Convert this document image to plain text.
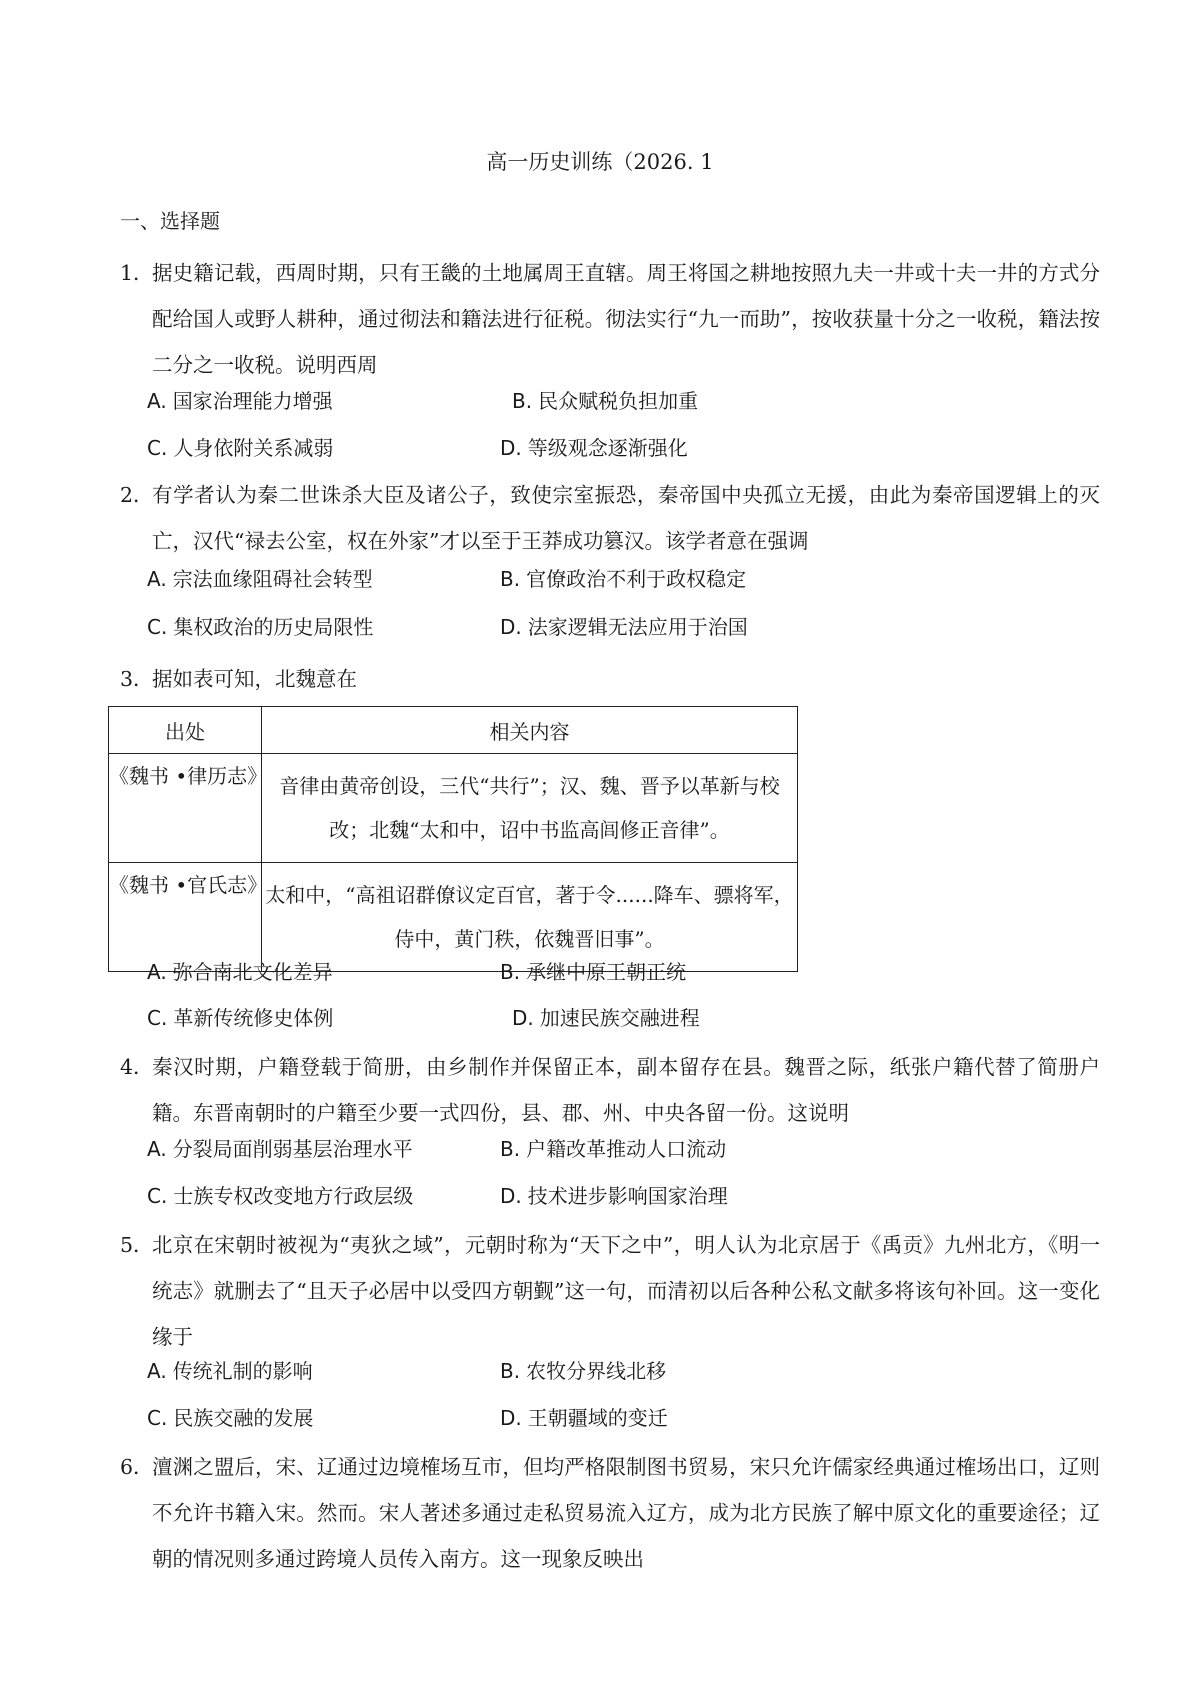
高一历史训练（2026. 1
一、选择题
1．
据史籍记载，西周时期，只有王畿的土地属周王直辖。周王将国之耕地按照九夫一井或十夫一井的方式分配给国人或野人耕种，通过彻法和籍法进行征税。彻法实行“九一而助”，按收获量十分之一收税，籍法按二分之一收税。说明西周
A. 国家治理能力增强	B. 民众赋税负担加重
C. 人身依附关系减弱	D. 等级观念逐渐强化
2．
有学者认为秦二世诛杀大臣及诸公子，致使宗室振恐，秦帝国中央孤立无援，由此为秦帝国逻辑上的灭亡，汉代“禄去公室，权在外家”才以至于王莽成功篡汉。该学者意在强调
A. 宗法血缘阻碍社会转型	B. 官僚政治不利于政权稳定
C. 集权政治的历史局限性	D. 法家逻辑无法应用于治国
3．
据如表可知，北魏意在
出处	相关内容
《魏书 •律历志》	音律由黄帝创设，三代“共行”；汉、魏、晋予以革新与校改；北魏“太和中，诏中书监高闾修正音律”。
《魏书 •官氏志》	太和中，“高祖诏群僚议定百官，著于令......降车、骠将军，侍中，黄门秩，依魏晋旧事”。
A. 弥合南北文化差异	B. 承继中原王朝正统
C. 革新传统修史体例	D. 加速民族交融进程
4．
秦汉时期，户籍登载于简册，由乡制作并保留正本，副本留存在县。魏晋之际，纸张户籍代替了简册户籍。东晋南朝时的户籍至少要一式四份，县、郡、州、中央各留一份。这说明
A. 分裂局面削弱基层治理水平	B. 户籍改革推动人口流动
C. 士族专权改变地方行政层级	D. 技术进步影响国家治理
5．
北京在宋朝时被视为“夷狄之域”，元朝时称为“天下之中”，明人认为北京居于《禹贡》九州北方，《明一统志》就删去了“且天子必居中以受四方朝觐”这一句，而清初以后各种公私文献多将该句补回。这一变化缘于
A. 传统礼制的影响	B. 农牧分界线北移
C. 民族交融的发展	D. 王朝疆域的变迁
6．
澶渊之盟后，宋、辽通过边境榷场互市，但均严格限制图书贸易，宋只允许儒家经典通过榷场出口，辽则不允许书籍入宋。然而。宋人著述多通过走私贸易流入辽方，成为北方民族了解中原文化的重要途径；辽朝的情况则多通过跨境人员传入南方。这一现象反映出
